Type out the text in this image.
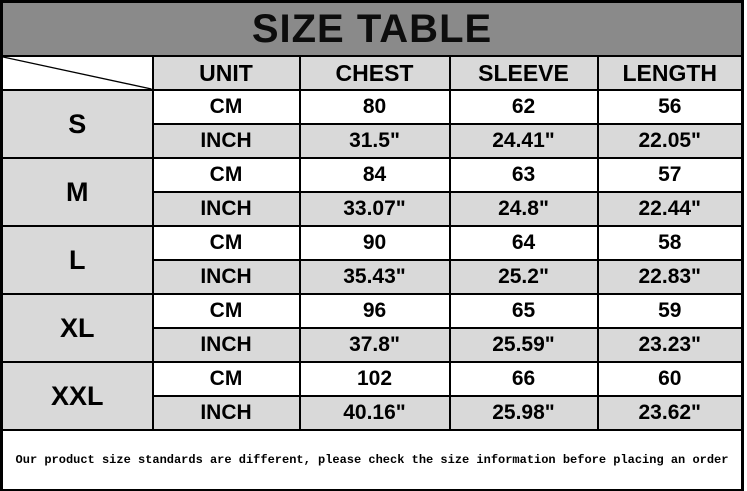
SIZE TABLE				

	UNIT	CHEST	SLEEVE	LENGTH
S	CM	80	62	56
	INCH	31.5"	24.41"	22.05"
M	CM	84	63	57
	INCH	33.07"	24.8"	22.44"
L	CM	90	64	58
	INCH	35.43"	25.2"	22.83"
XL	CM	96	65	59
	INCH	37.8"	25.59"	23.23"
XXL	CM	102	66	60
	INCH	40.16"	25.98"	23.62"
Our product size standards are different, please check the size information before placing an order				
